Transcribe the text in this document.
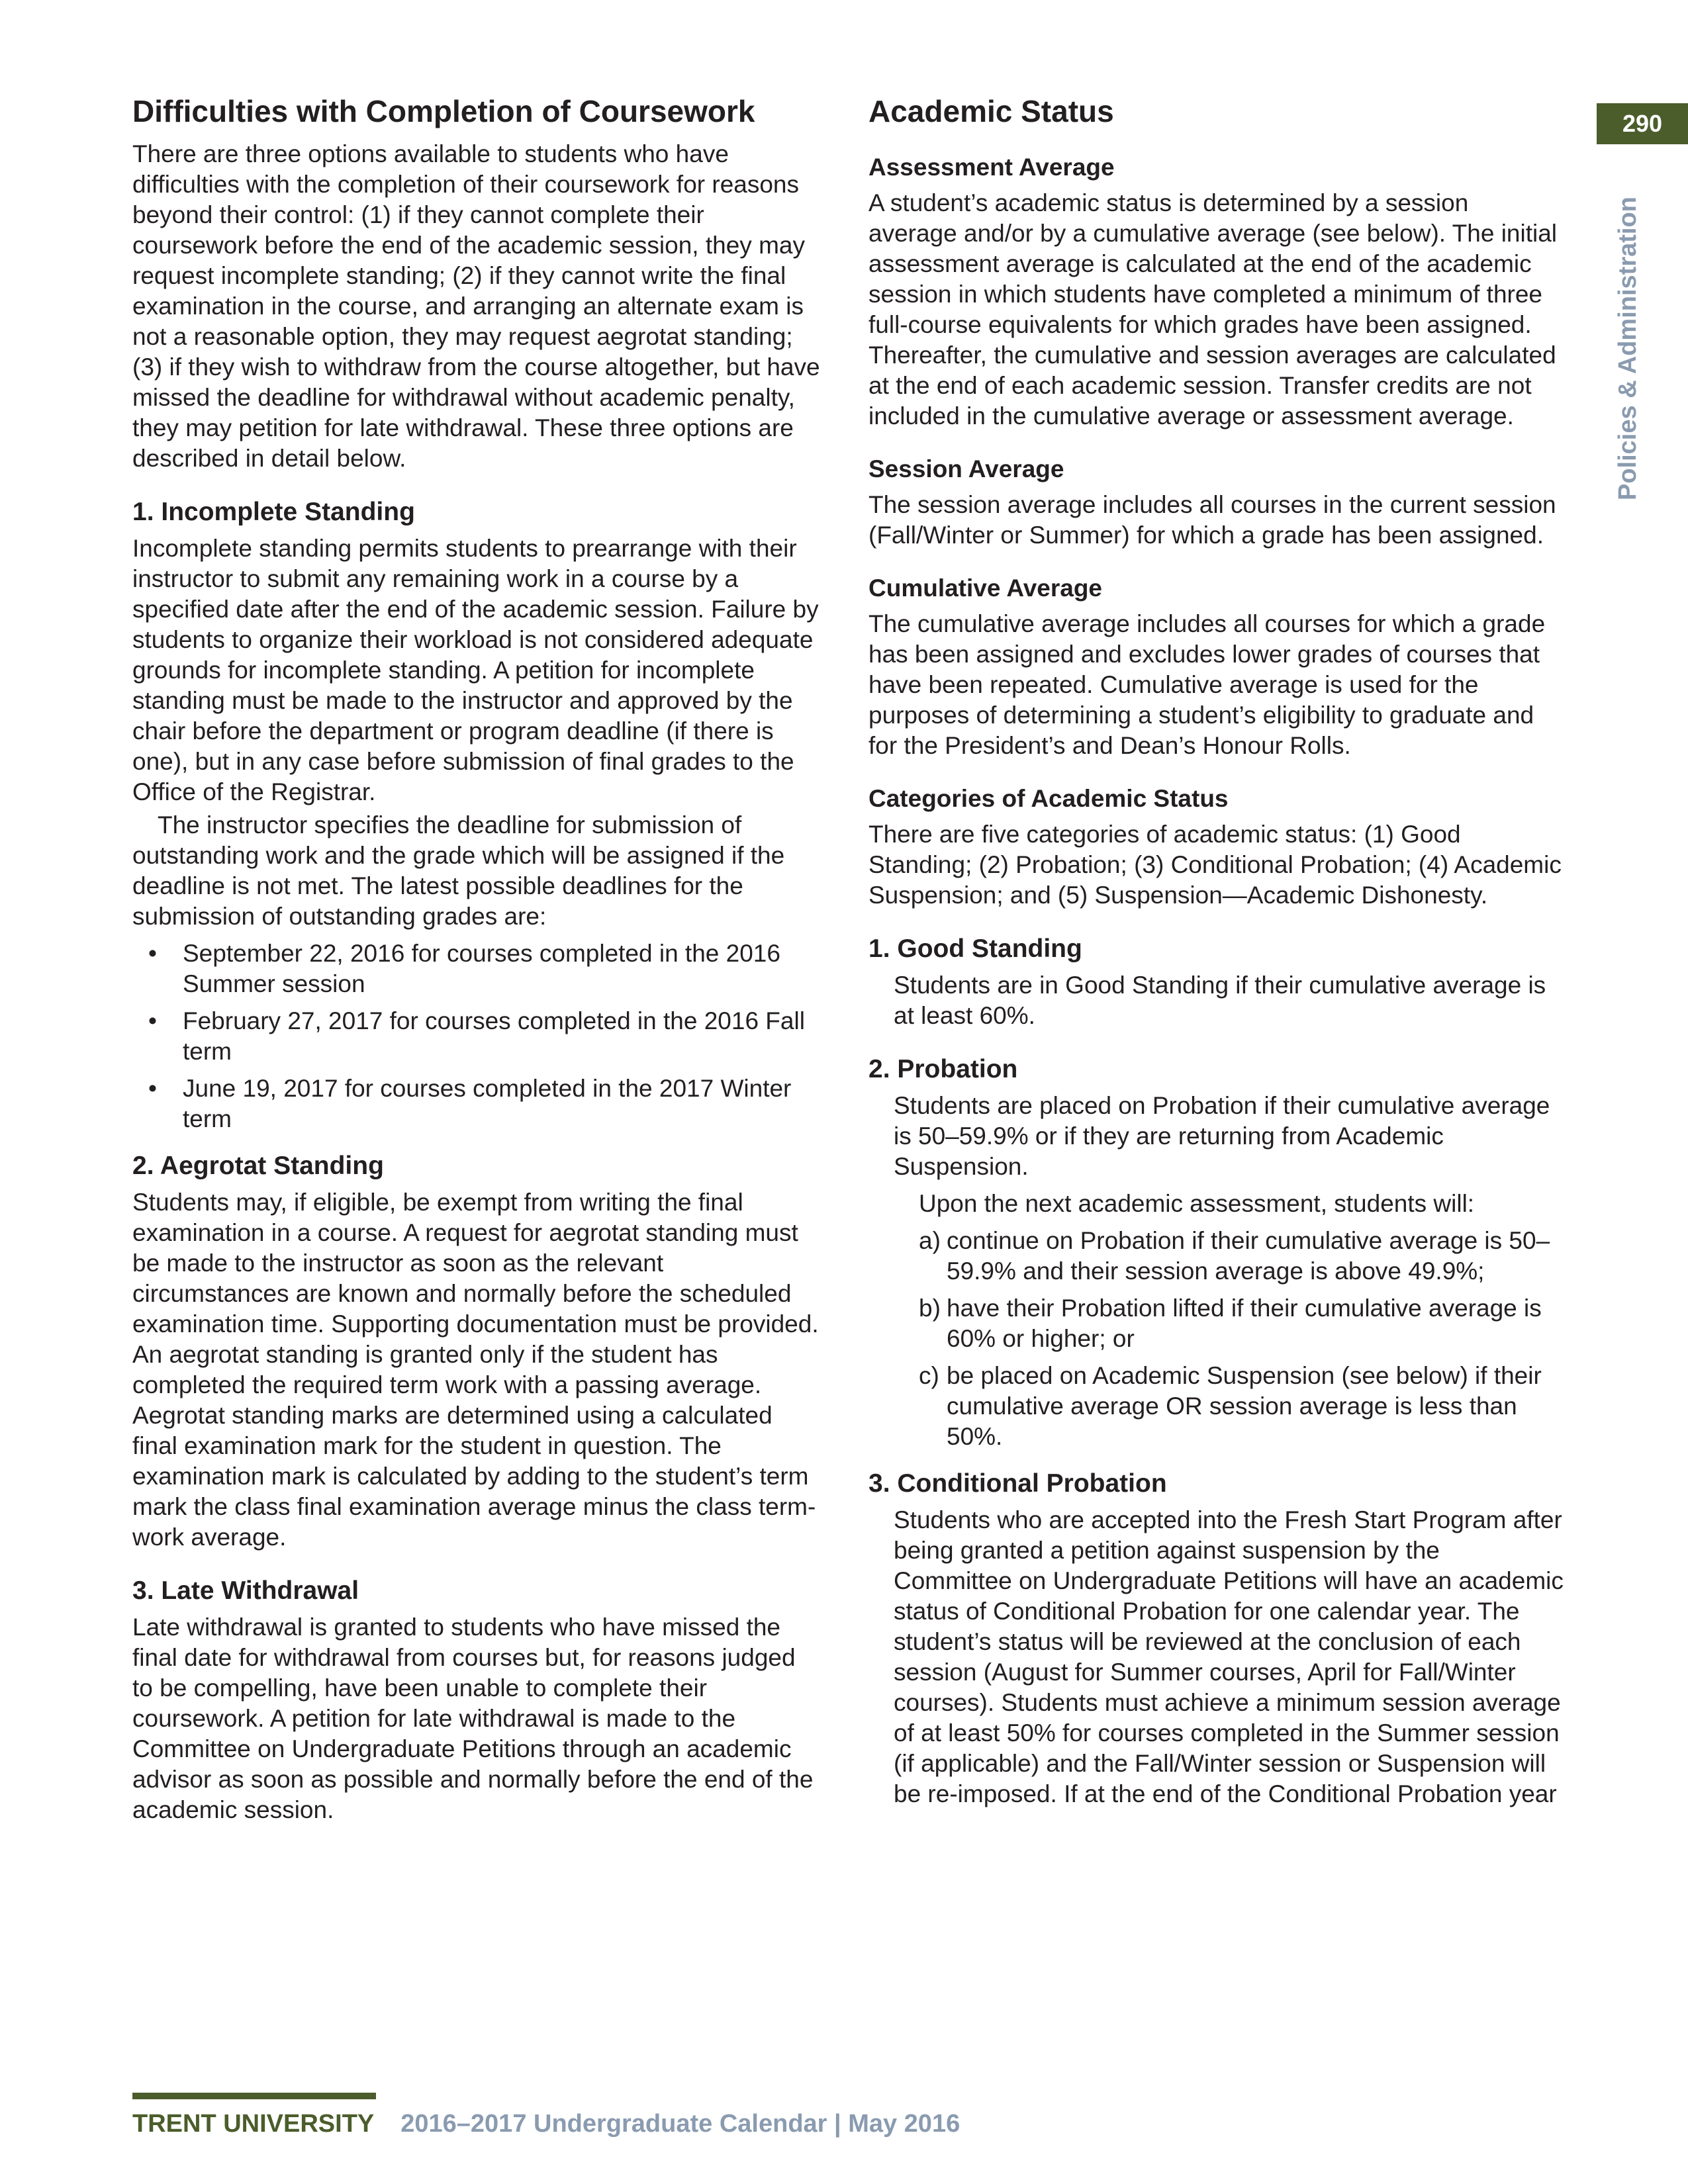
Difficulties with Completion of Coursework

There are three options available to students who have difficulties with the completion of their coursework for reasons beyond their control: (1) if they cannot complete their coursework before the end of the academic session, they may request incomplete standing; (2) if they cannot write the final examination in the course, and arranging an alternate exam is not a reasonable option, they may request aegrotat standing; (3) if they wish to withdraw from the course altogether, but have missed the deadline for withdrawal without academic penalty, they may petition for late withdrawal. These three options are described in detail below.

1. Incomplete Standing

Incomplete standing permits students to prearrange with their instructor to submit any remaining work in a course by a specified date after the end of the academic session. Failure by students to organize their workload is not considered adequate grounds for incomplete standing. A petition for incomplete standing must be made to the instructor and approved by the chair before the department or program deadline (if there is one), but in any case before submission of final grades to the Office of the Registrar.

The instructor specifies the deadline for submission of outstanding work and the grade which will be assigned if the deadline is not met. The latest possible deadlines for the submission of outstanding grades are:

• September 22, 2016 for courses completed in the 2016 Summer session
• February 27, 2017 for courses completed in the 2016 Fall term
• June 19, 2017 for courses completed in the 2017 Winter term
2. Aegrotat Standing

Students may, if eligible, be exempt from writing the final examination in a course. A request for aegrotat standing must be made to the instructor as soon as the relevant circumstances are known and normally before the scheduled examination time. Supporting documentation must be provided. An aegrotat standing is granted only if the student has completed the required term work with a passing average. Aegrotat standing marks are determined using a calculated final examination mark for the student in question. The examination mark is calculated by adding to the student’s term mark the class final examination average minus the class term-work average.

3. Late Withdrawal

Late withdrawal is granted to students who have missed the final date for withdrawal from courses but, for reasons judged to be compelling, have been unable to complete their coursework. A petition for late withdrawal is made to the Committee on Undergraduate Petitions through an academic advisor as soon as possible and normally before the end of the academic session.

Academic Status
Assessment Average

A student’s academic status is determined by a session average and/or by a cumulative average (see below). The initial assessment average is calculated at the end of the academic session in which students have completed a minimum of three full-course equivalents for which grades have been assigned. Thereafter, the cumulative and session averages are calculated at the end of each academic session. Transfer credits are not included in the cumulative average or assessment average.

Session Average

The session average includes all courses in the current session (Fall/Winter or Summer) for which a grade has been assigned.

Cumulative Average

The cumulative average includes all courses for which a grade has been assigned and excludes lower grades of courses that have been repeated. Cumulative average is used for the purposes of determining a student’s eligibility to graduate and for the President’s and Dean’s Honour Rolls.

Categories of Academic Status

There are five categories of academic status: (1) Good Standing; (2) Probation; (3) Conditional Probation; (4) Academic Suspension; and (5) Suspension—Academic Dishonesty.

1. Good Standing

Students are in Good Standing if their cumulative average is at least 60%.

2. Probation

Students are placed on Probation if their cumulative average is 50–59.9% or if they are returning from Academic Suspension.

Upon the next academic assessment, students will:

a) continue on Probation if their cumulative average is 50–59.9% and their session average is above 49.9%;
b) have their Probation lifted if their cumulative average is 60% or higher; or
c) be placed on Academic Suspension (see below) if their cumulative average OR session average is less than 50%.
3. Conditional Probation

Students who are accepted into the Fresh Start Program after being granted a petition against suspension by the Committee on Undergraduate Petitions will have an academic status of Conditional Probation for one calendar year. The student’s status will be reviewed at the conclusion of each session (August for Summer courses, April for Fall/Winter courses). Students must achieve a minimum session average of at least 50% for courses completed in the Summer session (if applicable) and the Fall/Winter session or Suspension will be re-imposed. If at the end of the Conditional Probation year

290
Policies & Administration
TRENT UNIVERSITY 2016–2017 Undergraduate Calendar | May 2016
